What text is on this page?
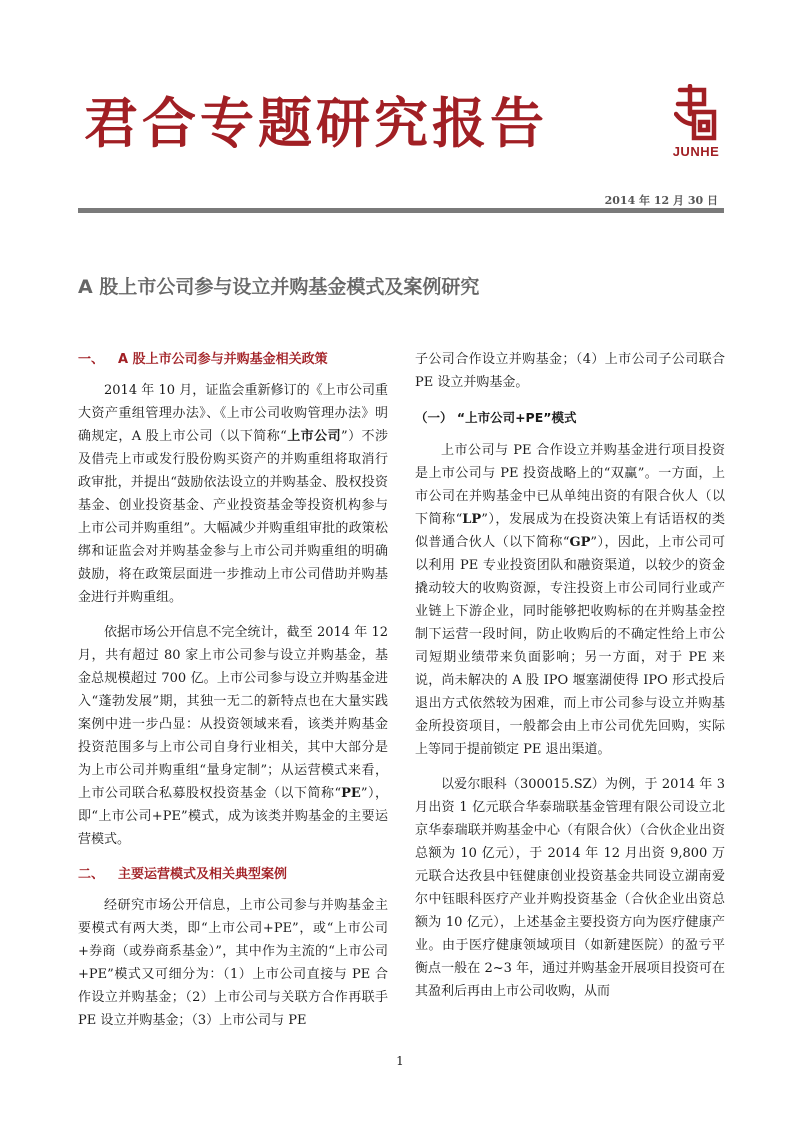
君合专题研究报告	JUNHE
2014 年 12 月 30 日
A 股上市公司参与设立并购基金模式及案例研究
一、 A 股上市公司参与并购基金相关政策

2014 年 10 月，证监会重新修订的《上市公司重大资产重组管理办法》、《上市公司收购管理办法》明确规定，A 股上市公司（以下简称“上市公司”）不涉及借壳上市或发行股份购买资产的并购重组将取消行政审批，并提出“鼓励依法设立的并购基金、股权投资基金、创业投资基金、产业投资基金等投资机构参与上市公司并购重组”。大幅减少并购重组审批的政策松绑和证监会对并购基金参与上市公司并购重组的明确鼓励，将在政策层面进一步推动上市公司借助并购基金进行并购重组。

依据市场公开信息不完全统计，截至 2014 年 12 月，共有超过 80 家上市公司参与设立并购基金，基金总规模超过 700 亿。上市公司参与设立并购基金进入“蓬勃发展”期，其独一无二的新特点也在大量实践案例中进一步凸显：从投资领域来看，该类并购基金投资范围多与上市公司自身行业相关，其中大部分是为上市公司并购重组“量身定制”；从运营模式来看，上市公司联合私募股权投资基金（以下简称“PE”），即“上市公司+PE”模式，成为该类并购基金的主要运营模式。

二、 主要运营模式及相关典型案例

经研究市场公开信息，上市公司参与并购基金主要模式有两大类，即“上市公司+PE”，或“上市公司+券商（或券商系基金）”，其中作为主流的“上市公司+PE”模式又可细分为：（1）上市公司直接与 PE 合作设立并购基金；（2）上市公司与关联方合作再联手 PE 设立并购基金；（3）上市公司与 PE

子公司合作设立并购基金；（4）上市公司子公司联合 PE 设立并购基金。

（一） “上市公司+PE”模式

上市公司与 PE 合作设立并购基金进行项目投资是上市公司与 PE 投资战略上的“双赢”。一方面，上市公司在并购基金中已从单纯出资的有限合伙人（以下简称“LP”），发展成为在投资决策上有话语权的类似普通合伙人（以下简称“GP”），因此，上市公司可以利用 PE 专业投资团队和融资渠道，以较少的资金撬动较大的收购资源，专注投资上市公司同行业或产业链上下游企业，同时能够把收购标的在并购基金控制下运营一段时间，防止收购后的不确定性给上市公司短期业绩带来负面影响；另一方面，对于 PE 来说，尚未解决的 A 股 IPO 堰塞湖使得 IPO 形式投后退出方式依然较为困难，而上市公司参与设立并购基金所投资项目，一般都会由上市公司优先回购，实际上等同于提前锁定 PE 退出渠道。

以爱尔眼科（300015.SZ）为例，于 2014 年 3 月出资 1 亿元联合华泰瑞联基金管理有限公司设立北京华泰瑞联并购基金中心（有限合伙）（合伙企业出资总额为 10 亿元），于 2014 年 12 月出资 9,800 万元联合达孜县中钰健康创业投资基金共同设立湖南爱尔中钰眼科医疗产业并购投资基金（合伙企业出资总额为 10 亿元），上述基金主要投资方向为医疗健康产业。由于医疗健康领域项目（如新建医院）的盈亏平衡点一般在 2~3 年，通过并购基金开展项目投资可在其盈利后再由上市公司收购，从而

1
